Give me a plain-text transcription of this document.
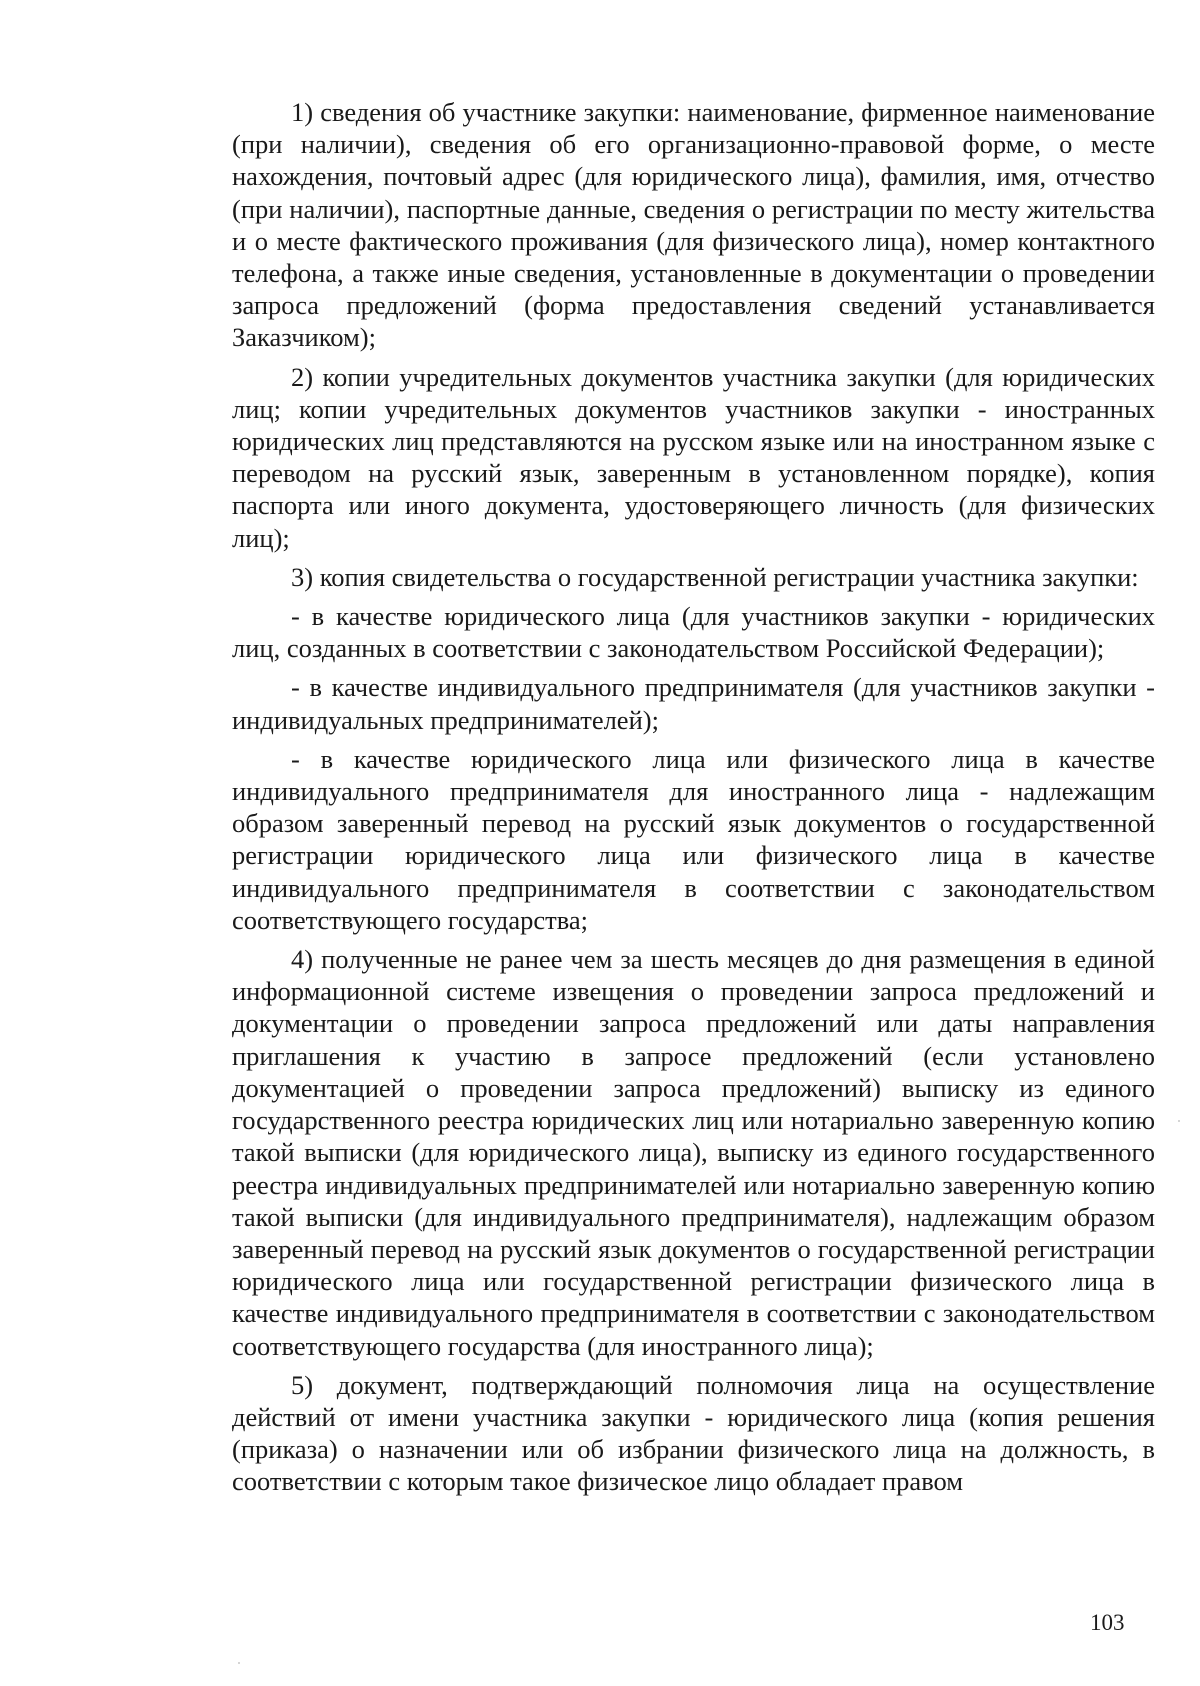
1) сведения об участнике закупки: наименование, фирменное наименование (при наличии), сведения об его организационно-правовой форме, о месте нахождения, почтовый адрес (для юридического лица), фамилия, имя, отчество (при наличии), паспортные данные, сведения о регистрации по месту жительства и о месте фактического проживания (для физического лица), номер контактного телефона, а также иные сведения, установленные в документации о проведении запроса предложений (форма предоставления сведений устанавливается Заказчиком);

2) копии учредительных документов участника закупки (для юридических лиц; копии учредительных документов участников закупки - иностранных юридических лиц представляются на русском языке или на иностранном языке с переводом на русский язык, заверенным в установленном порядке), копия паспорта или иного документа, удостоверяющего личность (для физических лиц);

3) копия свидетельства о государственной регистрации участника закупки:

- в качестве юридического лица (для участников закупки - юридических лиц, созданных в соответствии с законодательством Российской Федерации);

- в качестве индивидуального предпринимателя (для участников закупки - индивидуальных предпринимателей);

- в качестве юридического лица или физического лица в качестве индивидуального предпринимателя для иностранного лица - надлежащим образом заверенный перевод на русский язык документов о государственной регистрации юридического лица или физического лица в качестве индивидуального предпринимателя в соответствии с законодательством соответствующего государства;

4) полученные не ранее чем за шесть месяцев до дня размещения в единой информационной системе извещения о проведении запроса предложений и документации о проведении запроса предложений или даты направления приглашения к участию в запросе предложений (если установлено документацией о проведении запроса предложений) выписку из единого государственного реестра юридических лиц или нотариально заверенную копию такой выписки (для юридического лица), выписку из единого государственного реестра индивидуальных предпринимателей или нотариально заверенную копию такой выписки (для индивидуального предпринимателя), надлежащим образом заверенный перевод на русский язык документов о государственной регистрации юридического лица или государственной регистрации физического лица в качестве индивидуального предпринимателя в соответствии с законодательством соответствующего государства (для иностранного лица);

5) документ, подтверждающий полномочия лица на осуществление действий от имени участника закупки - юридического лица (копия решения (приказа) о назначении или об избрании физического лица на должность, в соответствии с которым такое физическое лицо обладает правом

103
